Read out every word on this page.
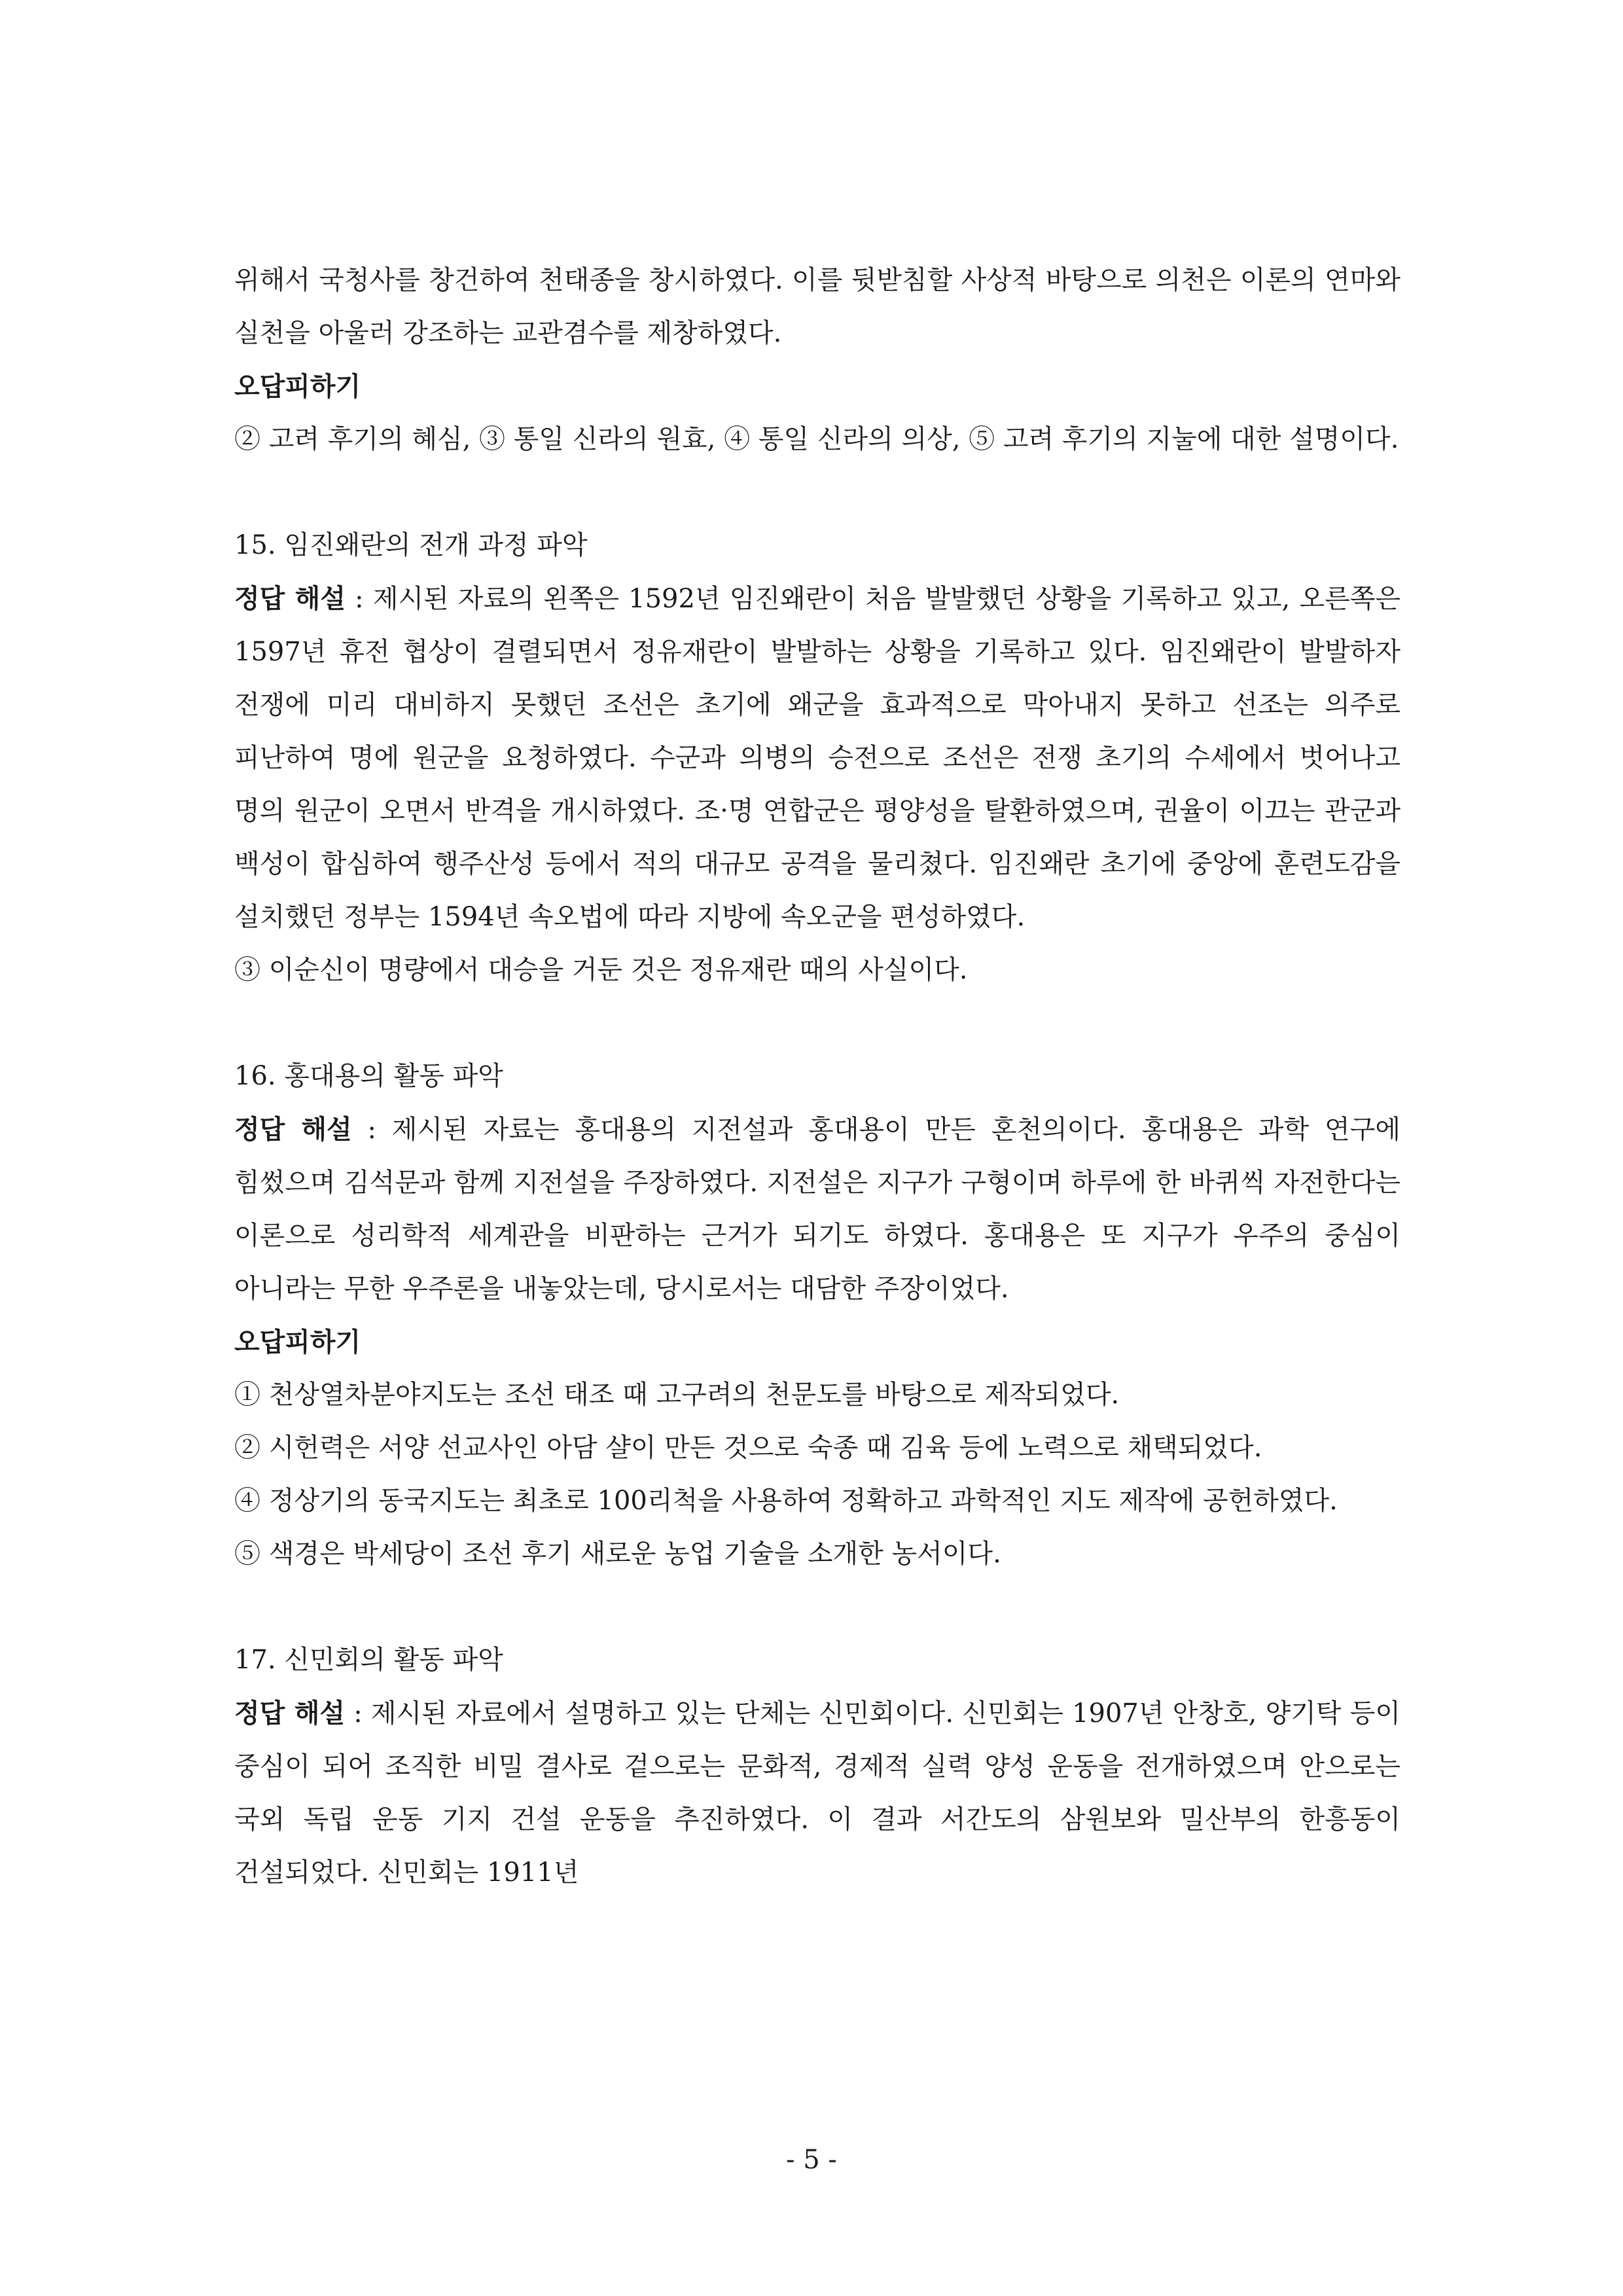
위해서 국청사를 창건하여 천태종을 창시하였다. 이를 뒷받침할 사상적 바탕으로 의천은 이론의 연마와 실천을 아울러 강조하는 교관겸수를 제창하였다.

오답피하기

② 고려 후기의 혜심, ③ 통일 신라의 원효, ④ 통일 신라의 의상, ⑤ 고려 후기의 지눌에 대한 설명이다.

15. 임진왜란의 전개 과정 파악

정답 해설 : 제시된 자료의 왼쪽은 1592년 임진왜란이 처음 발발했던 상황을 기록하고 있고, 오른쪽은 1597년 휴전 협상이 결렬되면서 정유재란이 발발하는 상황을 기록하고 있다. 임진왜란이 발발하자 전쟁에 미리 대비하지 못했던 조선은 초기에 왜군을 효과적으로 막아내지 못하고 선조는 의주로 피난하여 명에 원군을 요청하였다. 수군과 의병의 승전으로 조선은 전쟁 초기의 수세에서 벗어나고 명의 원군이 오면서 반격을 개시하였다. 조·명 연합군은 평양성을 탈환하였으며, 권율이 이끄는 관군과 백성이 합심하여 행주산성 등에서 적의 대규모 공격을 물리쳤다. 임진왜란 초기에 중앙에 훈련도감을 설치했던 정부는 1594년 속오법에 따라 지방에 속오군을 편성하였다.

③ 이순신이 명량에서 대승을 거둔 것은 정유재란 때의 사실이다.

16. 홍대용의 활동 파악

정답 해설 : 제시된 자료는 홍대용의 지전설과 홍대용이 만든 혼천의이다. 홍대용은 과학 연구에 힘썼으며 김석문과 함께 지전설을 주장하였다. 지전설은 지구가 구형이며 하루에 한 바퀴씩 자전한다는 이론으로 성리학적 세계관을 비판하는 근거가 되기도 하였다. 홍대용은 또 지구가 우주의 중심이 아니라는 무한 우주론을 내놓았는데, 당시로서는 대담한 주장이었다.

오답피하기

① 천상열차분야지도는 조선 태조 때 고구려의 천문도를 바탕으로 제작되었다.

② 시헌력은 서양 선교사인 아담 샬이 만든 것으로 숙종 때 김육 등에 노력으로 채택되었다.

④ 정상기의 동국지도는 최초로 100리척을 사용하여 정확하고 과학적인 지도 제작에 공헌하였다.

⑤ 색경은 박세당이 조선 후기 새로운 농업 기술을 소개한 농서이다.

17. 신민회의 활동 파악

정답 해설 : 제시된 자료에서 설명하고 있는 단체는 신민회이다. 신민회는 1907년 안창호, 양기탁 등이 중심이 되어 조직한 비밀 결사로 겉으로는 문화적, 경제적 실력 양성 운동을 전개하였으며 안으로는 국외 독립 운동 기지 건설 운동을 추진하였다. 이 결과 서간도의 삼원보와 밀산부의 한흥동이 건설되었다. 신민회는 1911년

- 5 -
